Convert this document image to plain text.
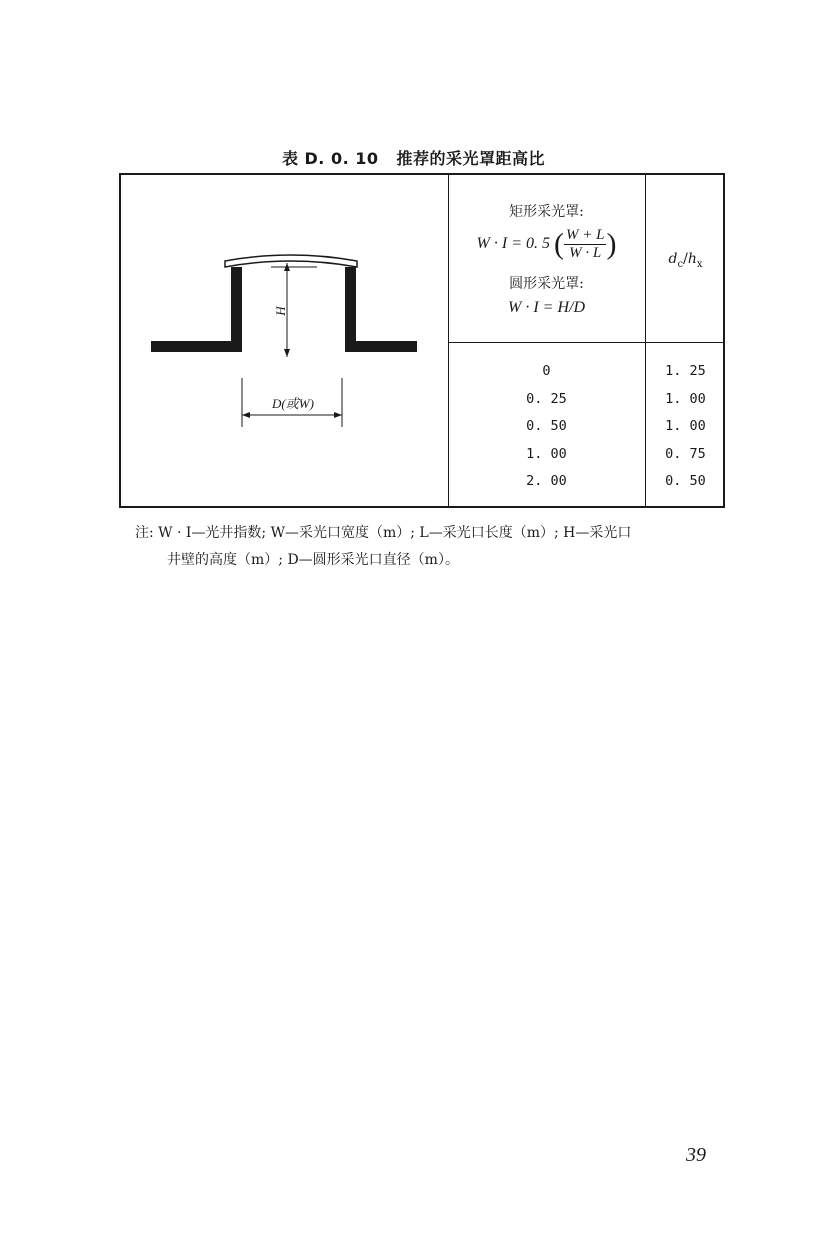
表 D. 0. 10 推荐的采光罩距高比
H
D(或W)
矩形采光罩:
W · I = 0. 5 ( $\frac{W + L}{W \cdot L}$ )
圆形采光罩:
W · I = H/D
$d_c/h_x$
0	1. 25
0. 25	1. 00
0. 50	1. 00
1. 00	0. 75
2. 00	0. 50
注: W · I—光井指数; W—采光口宽度（m）; L—采光口长度（m）; H—采光口
井壁的高度（m）; D—圆形采光口直径（m）。
39
